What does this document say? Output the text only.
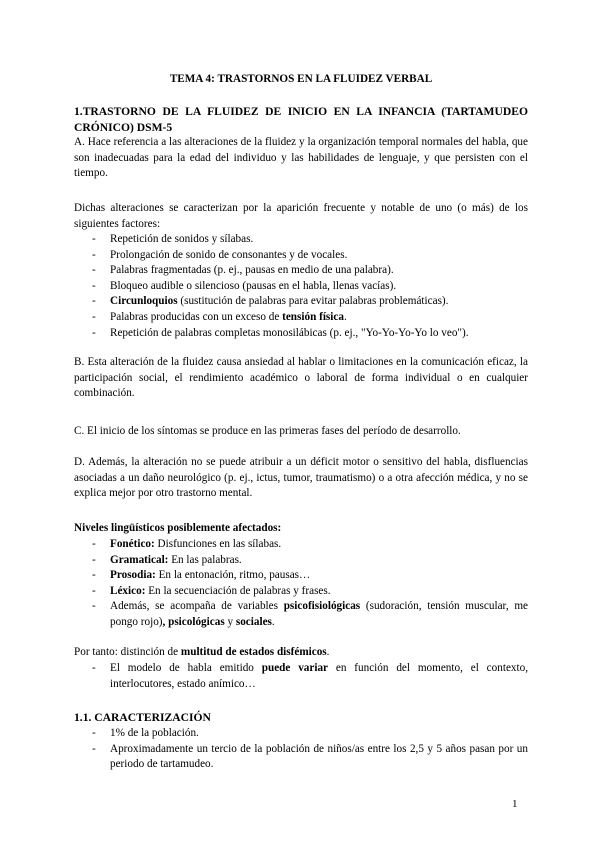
TEMA 4: TRASTORNOS EN LA FLUIDEZ VERBAL
1.TRASTORNO DE LA FLUIDEZ DE INICIO EN LA INFANCIA (TARTAMUDEO CRÓNICO) DSM-5

A. Hace referencia a las alteraciones de la fluidez y la organización temporal normales del habla, que son inadecuadas para la edad del individuo y las habilidades de lenguaje, y que persisten con el tiempo.

Dichas alteraciones se caracterizan por la aparición frecuente y notable de uno (o más) de los siguientes factores:

- Repetición de sonidos y sílabas.
- Prolongación de sonido de consonantes y de vocales.
- Palabras fragmentadas (p. ej., pausas en medio de una palabra).
- Bloqueo audible o silencioso (pausas en el habla, llenas vacías).
- Circunloquios (sustitución de palabras para evitar palabras problemáticas).
- Palabras producidas con un exceso de tensión física.
- Repetición de palabras completas monosilábicas (p. ej., "Yo-Yo-Yo-Yo lo veo").

B. Esta alteración de la fluidez causa ansiedad al hablar o limitaciones en la comunicación eficaz, la participación social, el rendimiento académico o laboral de forma individual o en cualquier combinación.

C. El inicio de los síntomas se produce en las primeras fases del período de desarrollo.

D. Además, la alteración no se puede atribuir a un déficit motor o sensitivo del habla, disfluencias asociadas a un daño neurológico (p. ej., ictus, tumor, traumatismo) o a otra afección médica, y no se explica mejor por otro trastorno mental.

Niveles lingüísticos posiblemente afectados:
- Fonético: Disfunciones en las sílabas.
- Gramatical: En las palabras.
- Prosodia: En la entonación, ritmo, pausas…
- Léxico: En la secuenciación de palabras y frases.
- Además, se acompaña de variables psicofisiológicas (sudoración, tensión muscular, me pongo rojo), psicológicas y sociales.
Por tanto: distinción de multitud de estados disfémicos.
- El modelo de habla emitido puede variar en función del momento, el contexto, interlocutores, estado anímico…
1.1. CARACTERIZACIÓN
- 1% de la población.
- Aproximadamente un tercio de la población de niños/as entre los 2,5 y 5 años pasan por un periodo de tartamudeo.
1
